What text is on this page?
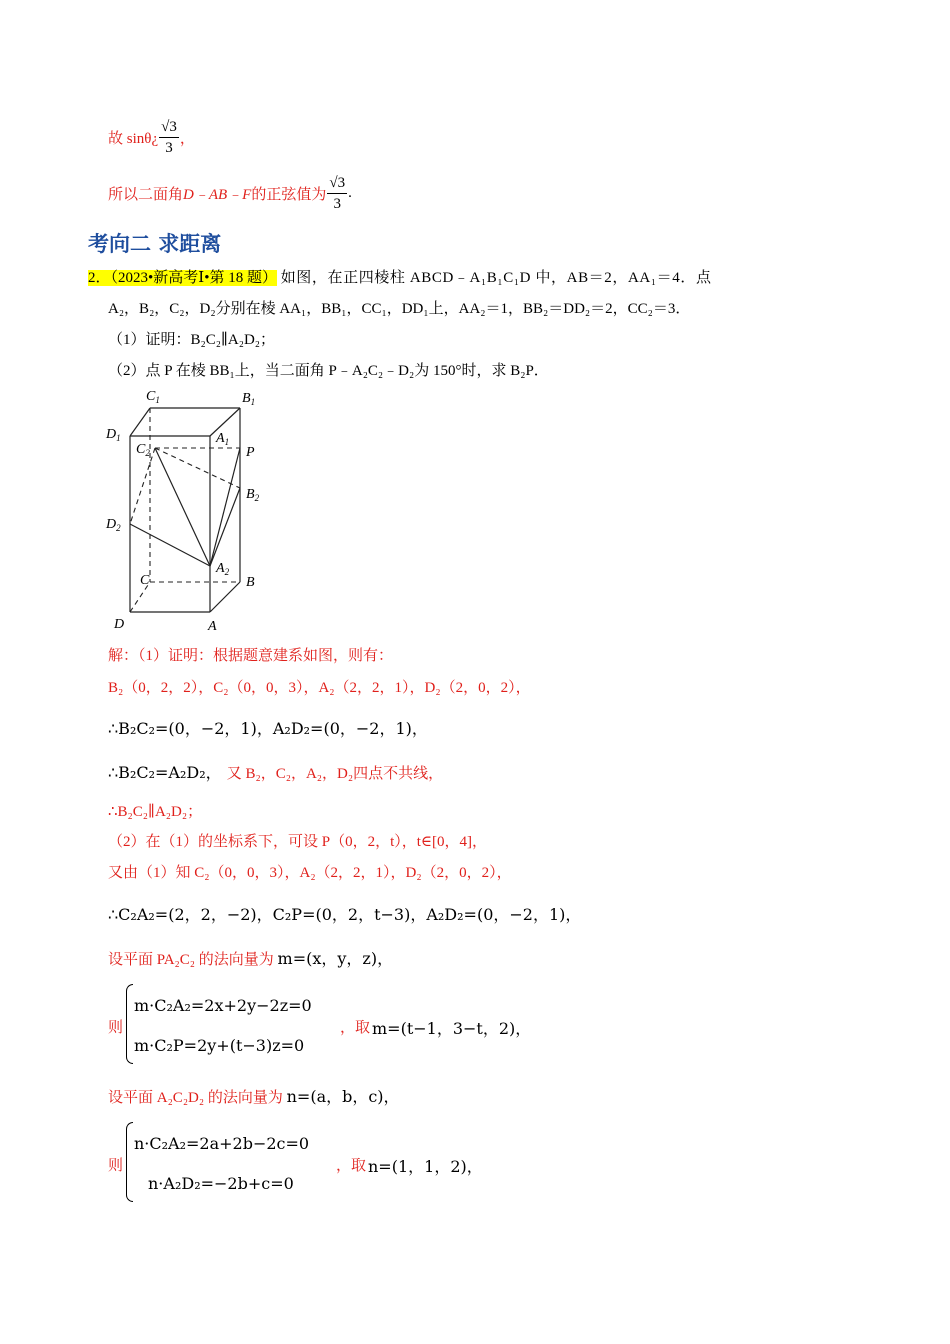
故 sinθ¿ $\frac{√3}{3}$ ，
所以二面角 D﹣AB﹣F 的正弦值为 $\frac{√3}{3}$ .
考向二 求距离
2．（2023•新高考Ⅰ•第 18 题） 如图，在正四棱柱 ABCD﹣A₁B₁C₁D 中，AB＝2，AA₁＝4．点
A₂，B₂，C₂，D₂分别在棱 AA₁，BB₁，CC₁，DD₁上，AA₂＝1，BB₂＝DD₂＝2，CC₂＝3．
（1）证明：B₂C₂∥A₂D₂；
（2）点 P 在棱 BB₁上，当二面角 P﹣A₂C₂﹣D₂为 150°时，求 B₂P．
$C_1$	$B_1$
$D_1$	$A_1$
P
$C_2$
$B_2$
$D_2$
$A_2$
C	B
D	A
解：（1）证明：根据题意建系如图，则有：
B₂（0，2，2），C₂（0，0，3），A₂（2，2，1），D₂（2，0，2），
∴B₂C₂=(0，−2，1)，A₂D₂=(0，−2，1)，
∴B₂C₂=A₂D₂， 又 B₂，C₂，A₂，D₂四点不共线，
∴B₂C₂∥A₂D₂；
（2）在（1）的坐标系下，可设 P（0，2，t），t∈[0，4]，
又由（1）知 C₂（0，0，3），A₂（2，2，1），D₂（2，0，2），
∴C₂A₂=(2，2，−2)，C₂P=(0，2，t−3)，A₂D₂=(0，−2，1)，
设平面 PA₂C₂ 的法向量为 m=(x，y，z)，
则
m·C₂A₂=2x+2y−2z=0
m·C₂P=2y+(t−3)z=0
，取 m=(t−1，3−t，2)，
设平面 A₂C₂D₂ 的法向量为 n=(a，b，c)，
则
n·C₂A₂=2a+2b−2c=0
n·A₂D₂=−2b+c=0
，取 n=(1，1，2)，
